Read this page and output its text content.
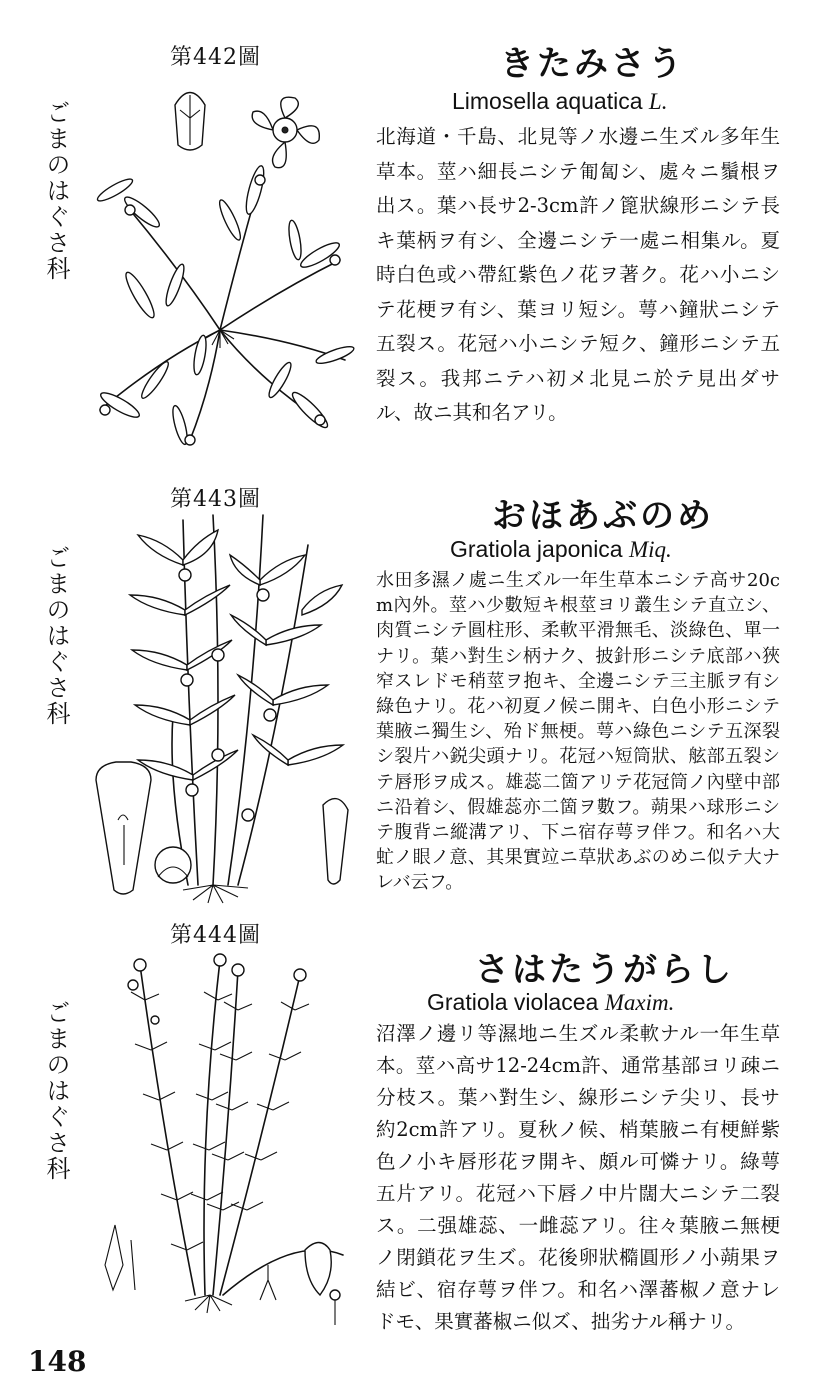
第442圖
ごまのはぐさ科
きたみさう
Limosella aquatica L.
北海道・千島、北見等ノ水邊ニ生ズル多年生草本。莖ハ細長ニシテ匍匐シ、處々ニ鬚根ヲ出ス。葉ハ長サ2-3cm許ノ篦狀線形ニシテ長キ葉柄ヲ有シ、全邊ニシテ一處ニ相集ル。夏時白色或ハ帶紅紫色ノ花ヲ著ク。花ハ小ニシテ花梗ヲ有シ、葉ヨリ短シ。萼ハ鐘狀ニシテ五裂ス。花冠ハ小ニシテ短ク、鐘形ニシテ五裂ス。我邦ニテハ初メ北見ニ於テ見出ダサル、故ニ其和名アリ。
第443圖
ごまのはぐさ科
おほあぶのめ
Gratiola japonica Miq.
水田多濕ノ處ニ生ズル一年生草本ニシテ高サ20cm內外。莖ハ少數短キ根莖ヨリ叢生シテ直立シ、肉質ニシテ圓柱形、柔軟平滑無毛、淡綠色、單一ナリ。葉ハ對生シ柄ナク、披針形ニシテ底部ハ狹窄スレドモ稍莖ヲ抱キ、全邊ニシテ三主脈ヲ有シ綠色ナリ。花ハ初夏ノ候ニ開キ、白色小形ニシテ葉腋ニ獨生シ、殆ド無梗。萼ハ綠色ニシテ五深裂シ裂片ハ鋭尖頭ナリ。花冠ハ短筒狀、舷部五裂シテ唇形ヲ成ス。雄蕊二箇アリテ花冠筒ノ內壁中部ニ沿着シ、假雄蕊亦二箇ヲ數フ。蒴果ハ球形ニシテ腹背ニ縱溝アリ、下ニ宿存萼ヲ伴フ。和名ハ大虻ノ眼ノ意、其果實竝ニ草狀あぶのめニ似テ大ナレバ云フ。
第444圖
ごまのはぐさ科
さはたうがらし
Gratiola violacea Maxim.
沼澤ノ邊リ等濕地ニ生ズル柔軟ナル一年生草本。莖ハ高サ12-24cm許、通常基部ヨリ疎ニ分枝ス。葉ハ對生シ、線形ニシテ尖リ、長サ約2cm許アリ。夏秋ノ候、梢葉腋ニ有梗鮮紫色ノ小キ唇形花ヲ開キ、頗ル可憐ナリ。綠萼五片アリ。花冠ハ下唇ノ中片闊大ニシテ二裂ス。二强雄蕊、一雌蕊アリ。往々葉腋ニ無梗ノ閉鎖花ヲ生ズ。花後卵狀橢圓形ノ小蒴果ヲ結ビ、宿存萼ヲ伴フ。和名ハ澤蕃椒ノ意ナレドモ、果實蕃椒ニ似ズ、拙劣ナル稱ナリ。
148
